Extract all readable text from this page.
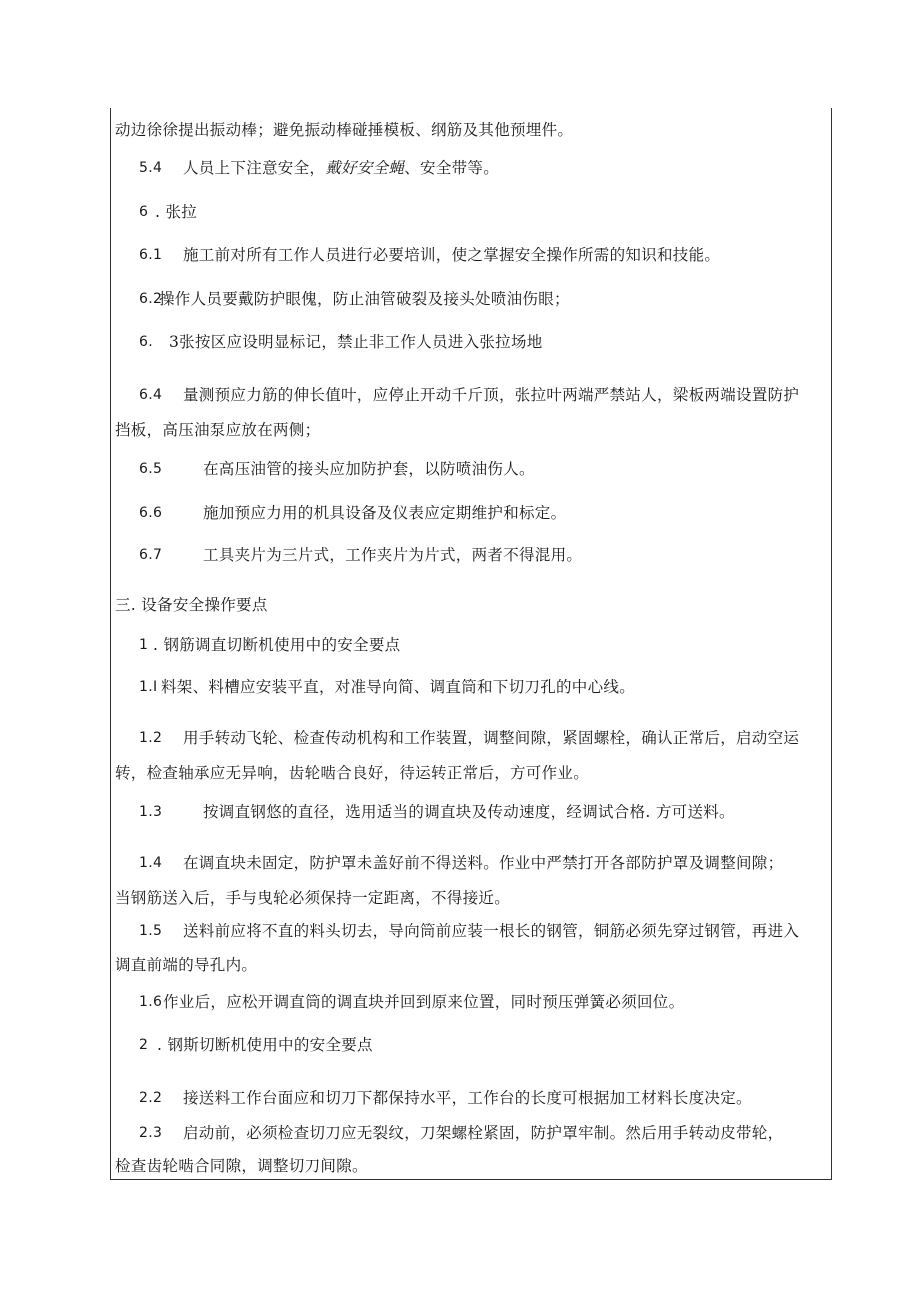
动边徐徐提出振动棒；避免振动棒碰捶模板、纲筋及其他预埋件。
5.4 人员上下注意安全，戴好安全蝇、安全带等。
6 . 张拉
6.1 施工前对所有工作人员进行必要培训，使之掌握安全操作所需的知识和技能。
6.2
操作人员要戴防护眼傀，防止油管破裂及接头处喷油伤眼；
6. 3张按区应设明显标记，禁止非工作人员进入张拉场地
6.4 量测预应力筋的伸长值叶，应停止开动千斤顶，张拉叶两端严禁站人，梁板两端设置防护
挡板，高压油泵应放在两侧；
6.5	在高压油管的接头应加防护套，以防喷油伤人。
6.6	施加预应力用的机具设备及仪表应定期维护和标定。
6.7	工具夹片为三片式，工作夹片为片式，两者不得混用。
三. 设备安全操作要点
1 . 钢筋调直切断机使用中的安全要点
1.I 料架、料槽应安装平直，对准导向简、调直筒和下切刀孔的中心线。
1.2 用手转动飞轮、检查传动机构和工作装置，调整间隙，紧固螺栓，确认正常后，启动空运
转，检查轴承应无异响，齿轮啮合良好，待运转正常后，方可作业。
1.3	按调直钢悠的直径，选用适当的调直块及传动速度，经调试合格. 方可送料。
1.4 在调直块未固定，防护罩未盖好前不得送料。作业中严禁打开各部防护罩及调整间隙；
当钢筋送入后，手与曳轮必须保持一定距离，不得接近。
1.5 送料前应将不直的料头切去，导向筒前应装一根长的钢管，铜筋必须先穿过钢管，再进入
调直前端的导孔内。
1.6 作业后，应松开调直筒的调直块并回到原来位置，同时预压弹簧必须回位。
2 . 钢斯切断机使用中的安全要点
2.2 接送料工作台面应和切刀下都保持水平，工作台的长度可根据加工材料长度决定。
2.3 启动前，必须检查切刀应无裂纹，刀架螺栓紧固，防护罩牢制。然后用手转动皮带轮，
检查齿轮啮合同隙，调整切刀间隙。
